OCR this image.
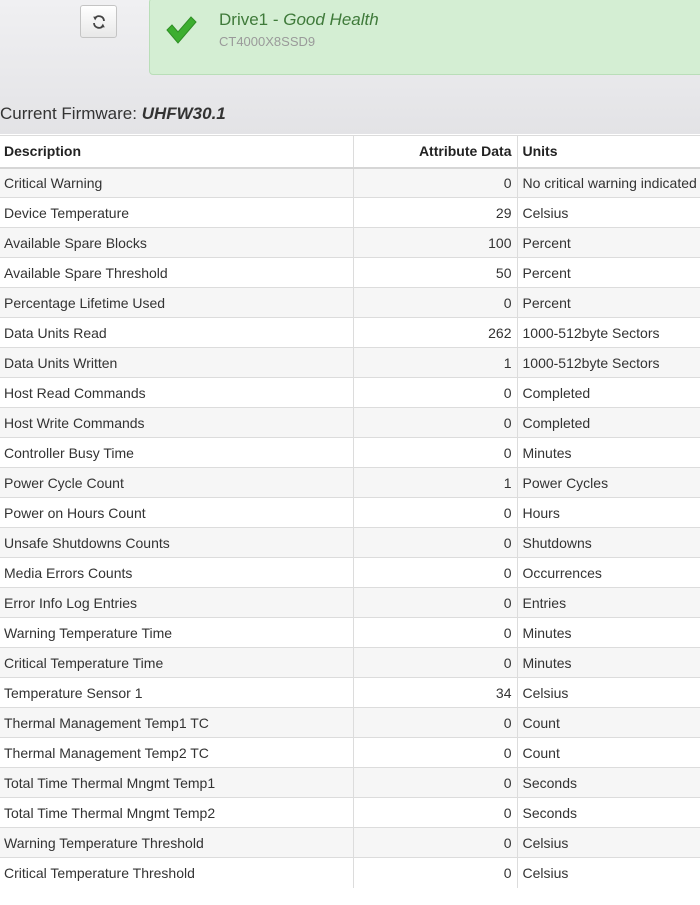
Drive1 - Good Health
CT4000X8SSD9
Current Firmware: UHFW30.1
Description	Attribute Data	Units
Critical Warning	0	No critical warning indicated
Device Temperature	29	Celsius
Available Spare Blocks	100	Percent
Available Spare Threshold	50	Percent
Percentage Lifetime Used	0	Percent
Data Units Read	262	1000-512byte Sectors
Data Units Written	1	1000-512byte Sectors
Host Read Commands	0	Completed
Host Write Commands	0	Completed
Controller Busy Time	0	Minutes
Power Cycle Count	1	Power Cycles
Power on Hours Count	0	Hours
Unsafe Shutdowns Counts	0	Shutdowns
Media Errors Counts	0	Occurrences
Error Info Log Entries	0	Entries
Warning Temperature Time	0	Minutes
Critical Temperature Time	0	Minutes
Temperature Sensor 1	34	Celsius
Thermal Management Temp1 TC	0	Count
Thermal Management Temp2 TC	0	Count
Total Time Thermal Mngmt Temp1	0	Seconds
Total Time Thermal Mngmt Temp2	0	Seconds
Warning Temperature Threshold	0	Celsius
Critical Temperature Threshold	0	Celsius
